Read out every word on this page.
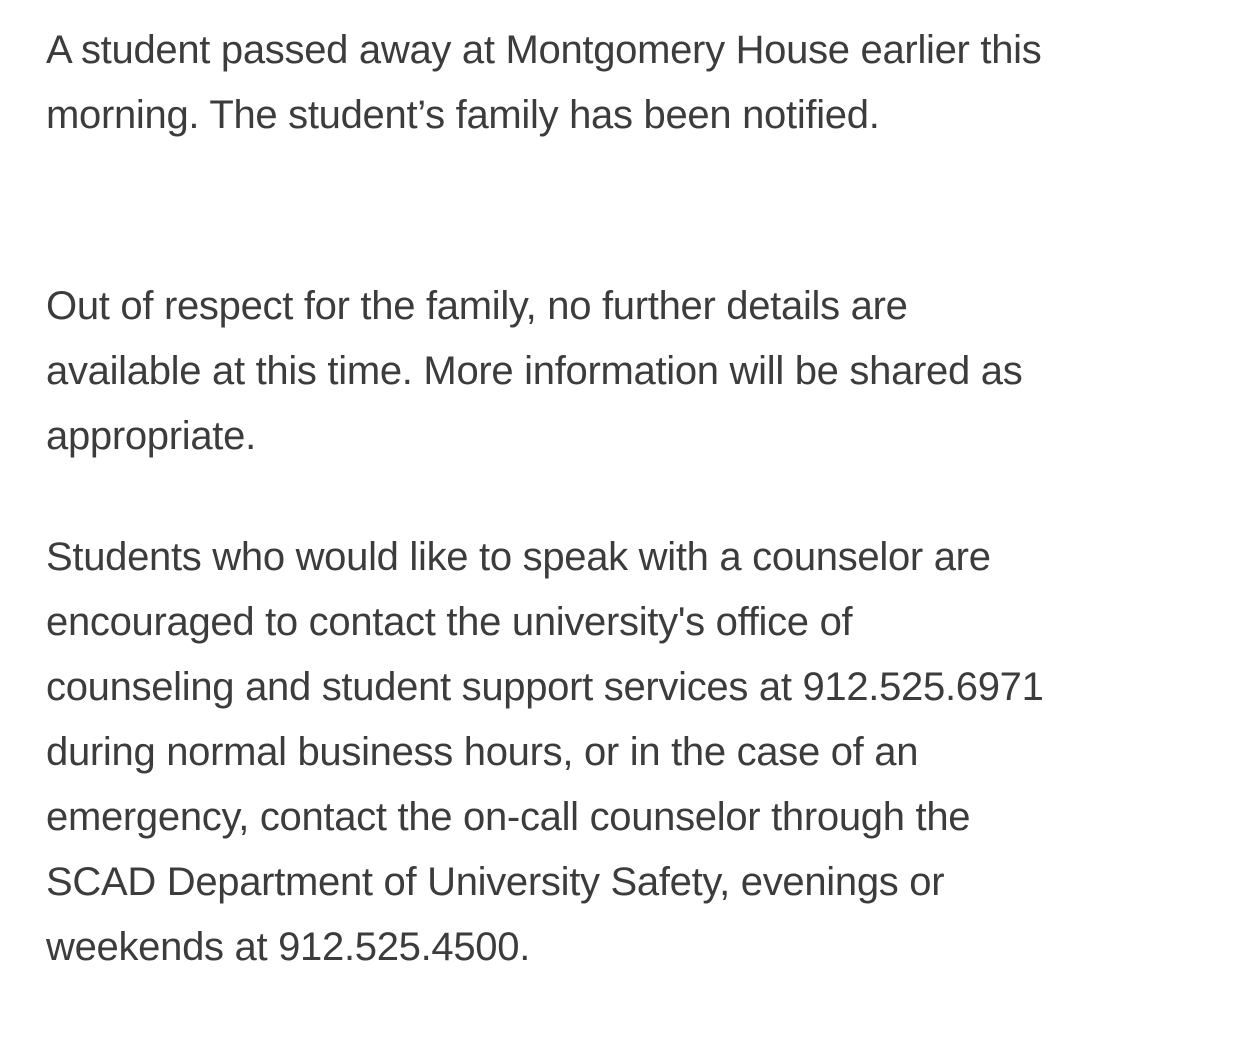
A student passed away at Montgomery House earlier this
morning. The student’s family has been notified.

Out of respect for the family, no further details are
available at this time. More information will be shared as
appropriate.

Students who would like to speak with a counselor are
encouraged to contact the university's office of
counseling and student support services at 912.525.6971
during normal business hours, or in the case of an
emergency, contact the on-call counselor through the
SCAD Department of University Safety, evenings or
weekends at 912.525.4500.
